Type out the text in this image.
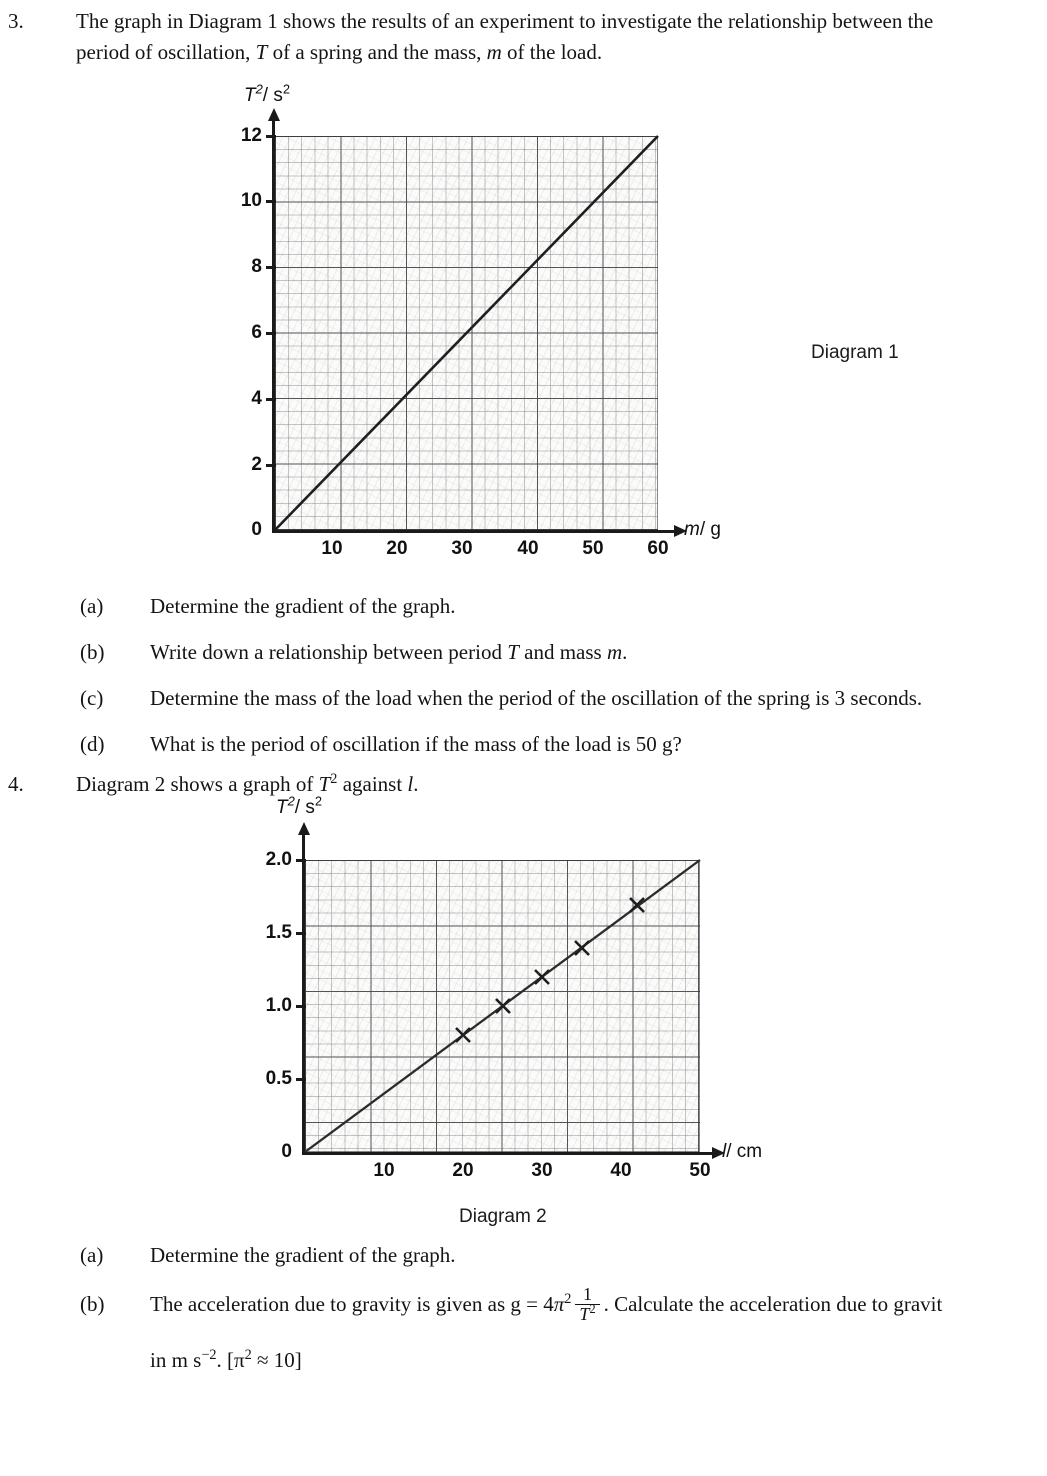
3. The graph in Diagram 1 shows the results of an experiment to investigate the relationship between the
period of oscillation, T of a spring and the mass, m of the load.
$T^2/$ $s^2$
12
10
8
6
4
2
0
10	20	30	40	50	60
m/ g
Diagram 1
(a)	Determine the gradient of the graph.
(b)	Write down a relationship between period T and mass m.
(c)	Determine the mass of the load when the period of the oscillation of the spring is 3 seconds.
(d)	What is the period of oscillation if the mass of the load is 50 g?
4. Diagram 2 shows a graph of $T^2$ against l.
$T^2/$ $s^2$
2.0
1.5
1.0
0.5
0
10	20	30	40	50
l/ cm
Diagram 2
(a)	Determine the gradient of the graph.
(b)	The acceleration due to gravity is given as $g = 4\pi^2 \frac{1}{T^2}$ . Calculate the acceleration due to gravit
in m $s^{-2}$. $[\pi^2 \approx 10]$
